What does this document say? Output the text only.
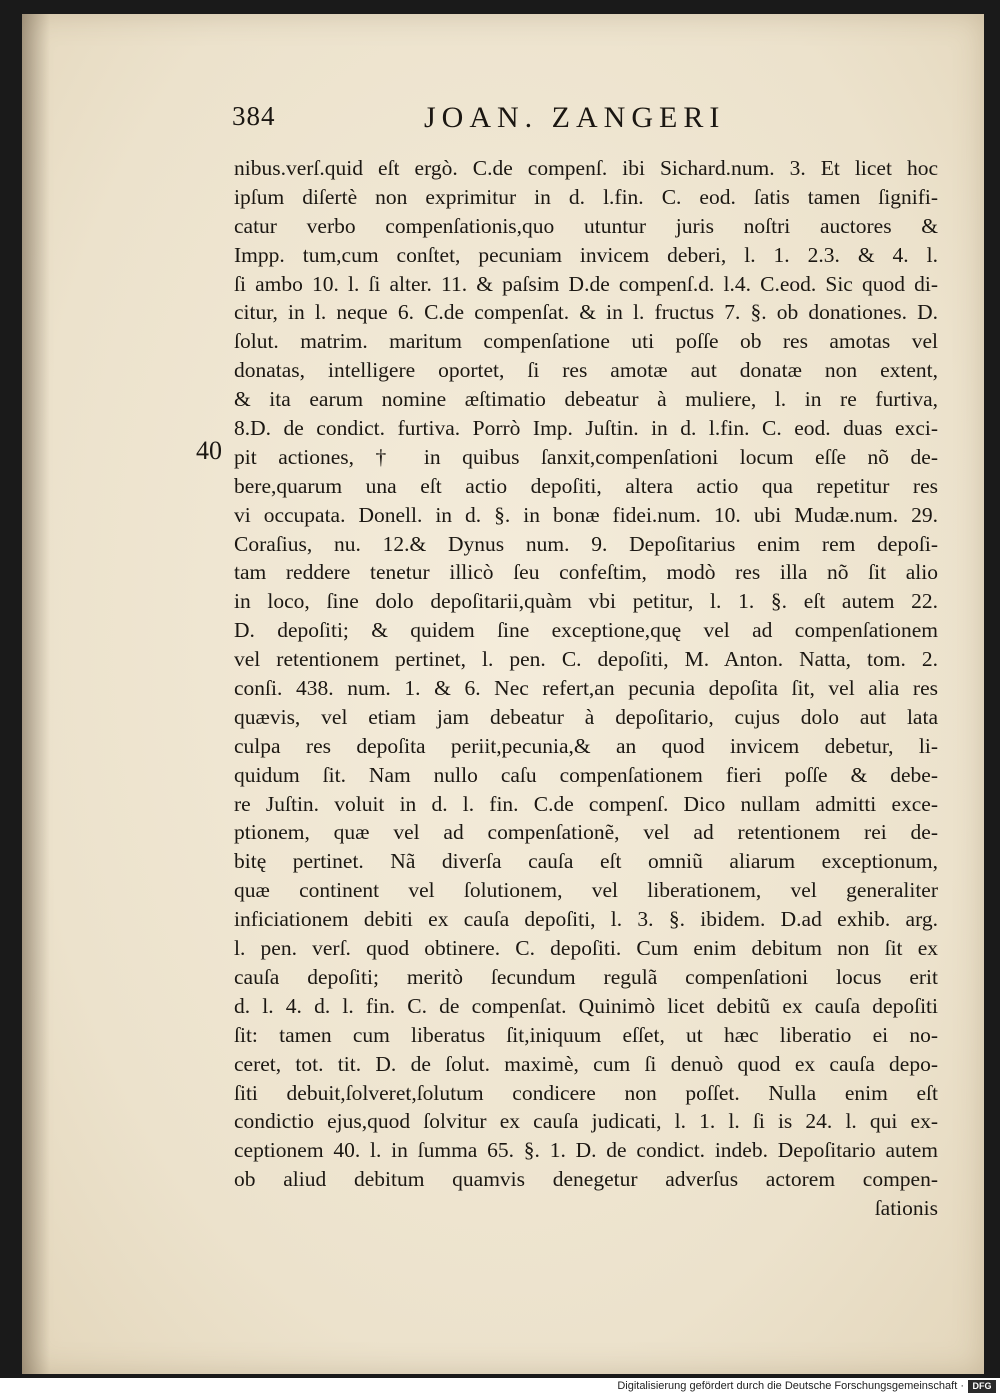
384	JOAN. ZANGERI
40
nibus.verſ.quid eſt ergò. C.de compenſ. ibi Sichard.num. 3. Et licet hoc
ipſum diſertè non exprimitur in d. l.fin. C. eod. ſatis tamen ſignifi-
catur verbo compenſationis,quo utuntur juris noſtri auctores &
Impp. tum,cum conſtet, pecuniam invicem deberi, l. 1. 2.3. & 4. l.
ſi ambo 10. l. ſi alter. 11. & paſsim D.de compenſ.d. l.4. C.eod. Sic quod di-
citur, in l. neque 6. C.de compenſat. & in l. fructus 7. §. ob donationes. D.
ſolut. matrim. maritum compenſatione uti poſſe ob res amotas vel
donatas, intelligere oportet, ſi res amotæ aut donatæ non extent,
& ita earum nomine æſtimatio debeatur à muliere, l. in re furtiva,
8.D. de condict. furtiva. Porrò Imp. Juſtin. in d. l.fin. C. eod. duas exci-
pit actiones, † in quibus ſanxit,compenſationi locum eſſe nõ de-
bere,quarum una eſt actio depoſiti, altera actio qua repetitur res
vi occupata. Donell. in d. §. in bonæ fidei.num. 10. ubi Mudæ.num. 29.
Coraſius, nu. 12.& Dynus num. 9. Depoſitarius enim rem depoſi-
tam reddere tenetur illicò ſeu confeſtim, modò res illa nõ ſit alio
in loco, ſine dolo depoſitarii,quàm vbi petitur, l. 1. §. eſt autem 22.
D. depoſiti; & quidem ſine exceptione,quę vel ad compenſationem
vel retentionem pertinet, l. pen. C. depoſiti, M. Anton. Natta, tom. 2.
conſi. 438. num. 1. & 6. Nec refert,an pecunia depoſita ſit, vel alia res
quævis, vel etiam jam debeatur à depoſitario, cujus dolo aut lata
culpa res depoſita periit,pecunia,& an quod invicem debetur, li-
quidum ſit. Nam nullo caſu compenſationem fieri poſſe & debe-
re Juſtin. voluit in d. l. fin. C.de compenſ. Dico nullam admitti exce-
ptionem, quæ vel ad compenſationẽ, vel ad retentionem rei de-
bitę pertinet. Nã diverſa cauſa eſt omniũ aliarum exceptionum,
quæ continent vel ſolutionem, vel liberationem, vel generaliter
inficiationem debiti ex cauſa depoſiti, l. 3. §. ibidem. D.ad exhib. arg.
l. pen. verſ. quod obtinere. C. depoſiti. Cum enim debitum non ſit ex
cauſa depoſiti; meritò ſecundum regulã compenſationi locus erit
d. l. 4. d. l. fin. C. de compenſat. Quinimò licet debitũ ex cauſa depoſiti
ſit: tamen cum liberatus ſit,iniquum eſſet, ut hæc liberatio ei no-
ceret, tot. tit. D. de ſolut. maximè, cum ſi denuò quod ex cauſa depo-
ſiti debuit,ſolveret,ſolutum condicere non poſſet. Nulla enim eſt
condictio ejus,quod ſolvitur ex cauſa judicati, l. 1. l. ſi is 24. l. qui ex-
ceptionem 40. l. in ſumma 65. §. 1. D. de condict. indeb. Depoſitario autem
ob aliud debitum quamvis denegetur adverſus actorem compen-
ſationis
Digitalisierung gefördert durch die Deutsche Forschungsgemeinschaft · DFG
